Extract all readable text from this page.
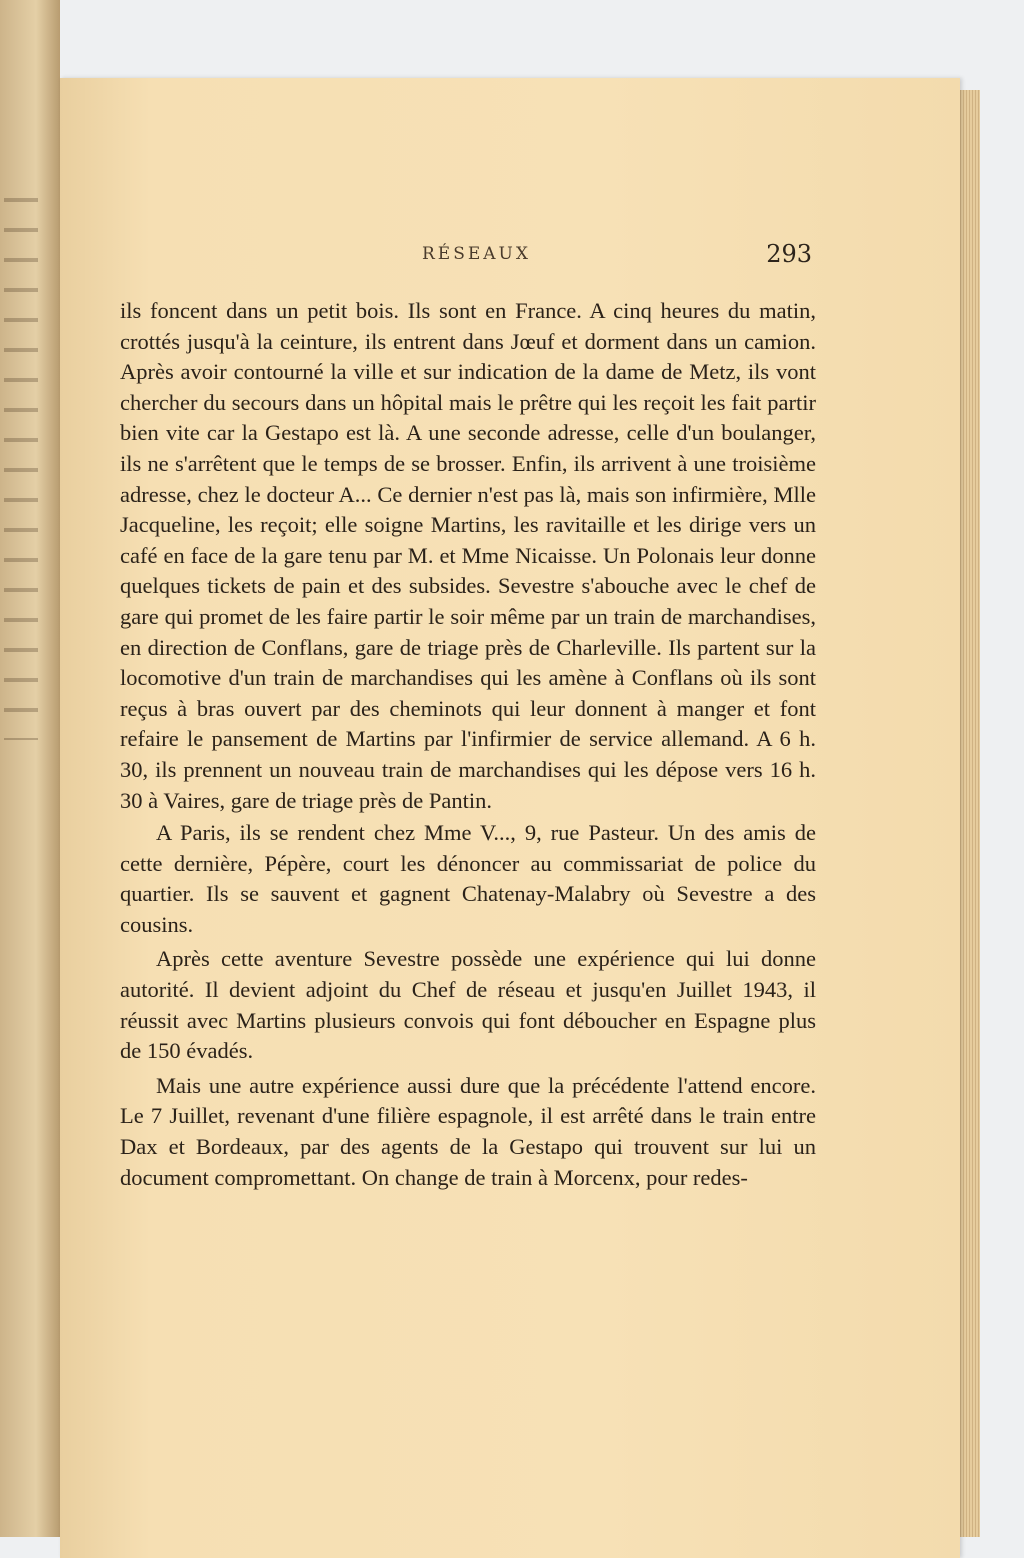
RÉSEAUX	293

ils foncent dans un petit bois. Ils sont en France. A cinq heures du matin, crottés jusqu'à la ceinture, ils entrent dans Jœuf et dorment dans un camion. Après avoir contourné la ville et sur indication de la dame de Metz, ils vont chercher du secours dans un hôpital mais le prêtre qui les reçoit les fait partir bien vite car la Gestapo est là. A une seconde adresse, celle d'un boulanger, ils ne s'arrêtent que le temps de se brosser. Enfin, ils arrivent à une troisième adresse, chez le docteur A... Ce dernier n'est pas là, mais son infirmière, Mlle Jacqueline, les reçoit; elle soigne Martins, les ravitaille et les dirige vers un café en face de la gare tenu par M. et Mme Nicaisse. Un Polonais leur donne quelques tickets de pain et des subsides. Sevestre s'abouche avec le chef de gare qui promet de les faire partir le soir même par un train de marchandises, en direction de Conflans, gare de triage près de Charleville. Ils partent sur la locomotive d'un train de marchandises qui les amène à Conflans où ils sont reçus à bras ouvert par des cheminots qui leur donnent à manger et font refaire le pansement de Martins par l'infirmier de service allemand. A 6 h. 30, ils prennent un nouveau train de marchandises qui les dépose vers 16 h. 30 à Vaires, gare de triage près de Pantin.

A Paris, ils se rendent chez Mme V..., 9, rue Pasteur. Un des amis de cette dernière, Pépère, court les dénoncer au commissariat de police du quartier. Ils se sauvent et gagnent Chatenay-Malabry où Sevestre a des cousins.

Après cette aventure Sevestre possède une expérience qui lui donne autorité. Il devient adjoint du Chef de réseau et jusqu'en Juillet 1943, il réussit avec Martins plusieurs convois qui font déboucher en Espagne plus de 150 évadés.

Mais une autre expérience aussi dure que la précédente l'attend encore. Le 7 Juillet, revenant d'une filière espagnole, il est arrêté dans le train entre Dax et Bordeaux, par des agents de la Gestapo qui trouvent sur lui un document compromettant. On change de train à Morcenx, pour redes-
